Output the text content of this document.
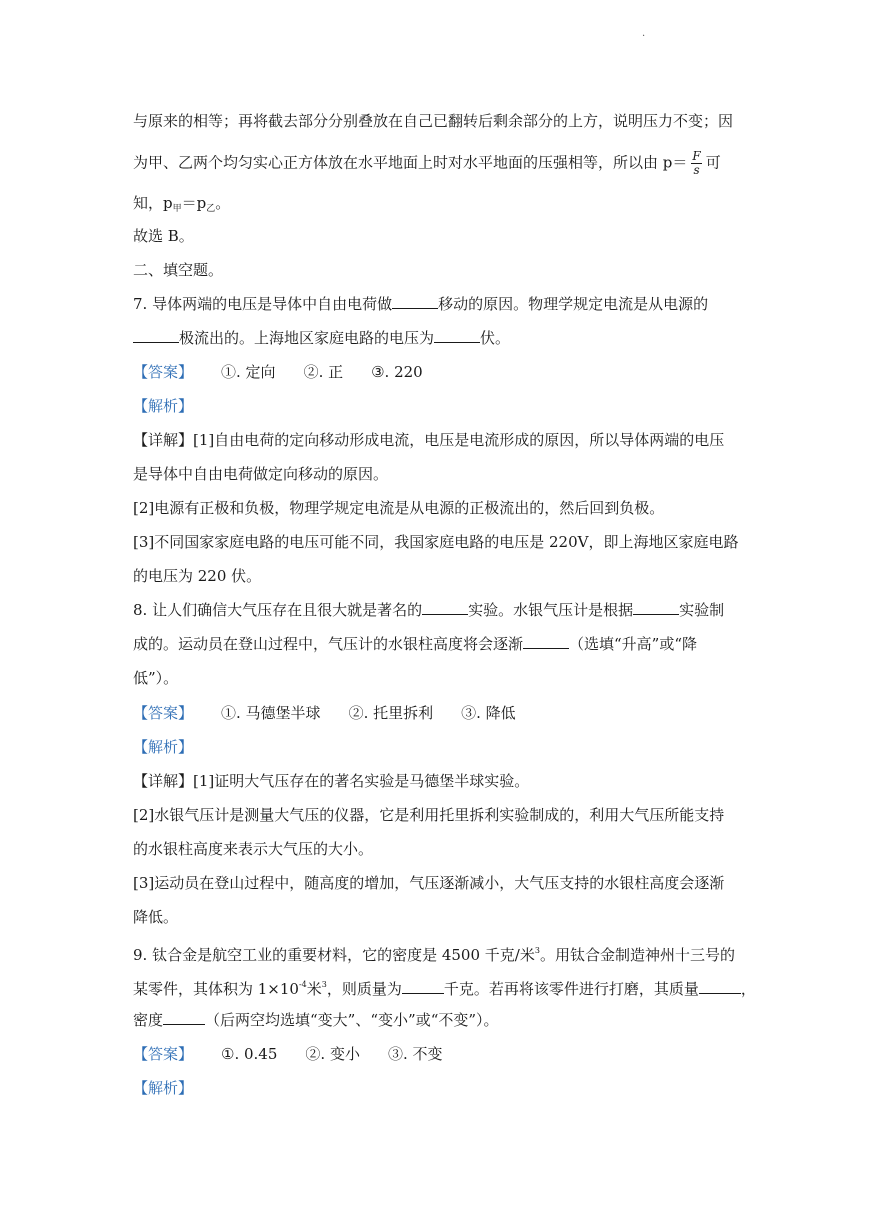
.
与原来的相等；再将截去部分分别叠放在自己已翻转后剩余部分的上方，说明压力不变；因
为甲、乙两个均匀实心正方体放在水平地面上时对水平地面的压强相等，所以由 $p= \frac{F}{s}$ 可
知，$p_甲=p_乙$。
故选 B。
二、填空题。
7. 导体两端的电压是导体中自由电荷做	移动的原因。物理学规定电流是从电源的
极流出的。上海地区家庭电路的电压为	伏。
【答案】 ①. 定向 ②. 正 ③. 220
【解析】
【详解】[1]自由电荷的定向移动形成电流，电压是电流形成的原因，所以导体两端的电压
是导体中自由电荷做定向移动的原因。
[2]电源有正极和负极，物理学规定电流是从电源的正极流出的，然后回到负极。
[3]不同国家家庭电路的电压可能不同，我国家庭电路的电压是 220V，即上海地区家庭电路
的电压为 220 伏。
8. 让人们确信大气压存在且很大就是著名的	实验。水银气压计是根据	实验制
成的。运动员在登山过程中，气压计的水银柱高度将会逐渐	（选填“升高”或“降
低”）。
【答案】 ①. 马德堡半球 ②. 托里拆利 ③. 降低
【解析】
【详解】[1]证明大气压存在的著名实验是马德堡半球实验。
[2]水银气压计是测量大气压的仪器，它是利用托里拆利实验制成的，利用大气压所能支持
的水银柱高度来表示大气压的大小。
[3]运动员在登山过程中，随高度的增加，气压逐渐减小，大气压支持的水银柱高度会逐渐
降低。
9. 钛合金是航空工业的重要材料，它的密度是 4500 千克/米$^3$。用钛合金制造神州十三号的
某零件，其体积为 $1\times 10^{-4}$米$^3$，则质量为	千克。若再将该零件进行打磨，其质量	，
密度	（后两空均选填“变大”、“变小”或“不变”）。
【答案】 ①. 0.45 ②. 变小 ③. 不变
【解析】
